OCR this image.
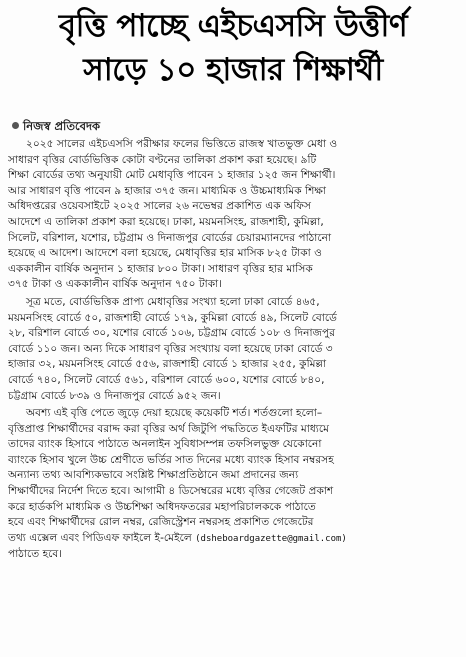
বৃত্তি পাচ্ছে এইচএসসি উত্তীর্ণ
সাড়ে ১০ হাজার শিক্ষার্থী
নিজস্ব প্রতিবেদক
২০২৫ সালের এইচএসসি পরীক্ষার ফলের ভিত্তিতে রাজস্ব খাতভুক্ত মেধা ও
সাধারণ বৃত্তির বোর্ডভিত্তিক কোটা বণ্টনের তালিকা প্রকাশ করা হয়েছে। ৯টি
শিক্ষা বোর্ডের তথ্য অনুযায়ী মোট মেধাবৃত্তি পাবেন ১ হাজার ১২৫ জন শিক্ষার্থী।
আর সাধারণ বৃত্তি পাবেন ৯ হাজার ৩৭৫ জন। মাধ্যমিক ও উচ্চমাধ্যমিক শিক্ষা
অধিদপ্তরের ওয়েবসাইটে ২০২৫ সালের ২৬ নভেম্বর প্রকাশিত এক অফিস
আদেশে এ তালিকা প্রকাশ করা হয়েছে। ঢাকা, ময়মনসিংহ, রাজশাহী, কুমিল্লা,
সিলেট, বরিশাল, যশোর, চট্টগ্রাম ও দিনাজপুর বোর্ডের চেয়ারম্যানদের পাঠানো
হয়েছে এ আদেশ। আদেশে বলা হয়েছে, মেধাবৃত্তির হার মাসিক ৮২৫ টাকা ও
এককালীন বার্ষিক অনুদান ১ হাজার ৮০০ টাকা। সাধারণ বৃত্তির হার মাসিক
৩৭৫ টাকা ও এককালীন বার্ষিক অনুদান ৭৫০ টাকা।
সূত্র মতে, বোর্ডভিত্তিক প্রাপ্য মেধাবৃত্তির সংখ্যা হলো ঢাকা বোর্ডে ৪৬৫,
ময়মনসিংহ বোর্ডে ৫০, রাজশাহী বোর্ডে ১৭৯, কুমিল্লা বোর্ডে ৪৯, সিলেট বোর্ডে
২৮, বরিশাল বোর্ডে ৩০, যশোর বোর্ডে ১০৬, চট্টগ্রাম বোর্ডে ১০৮ ও দিনাজপুর
বোর্ডে ১১০ জন। অন্য দিকে সাধারণ বৃত্তির সংখ্যায় বলা হয়েছে ঢাকা বোর্ডে ৩
হাজার ৩২, ময়মনসিংহ বোর্ডে ৫৫৬, রাজশাহী বোর্ডে ১ হাজার ২৫৫, কুমিল্লা
বোর্ডে ৭৪০, সিলেট বোর্ডে ৫৬১, বরিশাল বোর্ডে ৬০০, যশোর বোর্ডে ৮৪০,
চট্টগ্রাম বোর্ডে ৮৩৯ ও দিনাজপুর বোর্ডে ৯৫২ জন।
অবশ্য এই বৃত্তি পেতে জুড়ে দেয়া হয়েছে কয়েকটি শর্ত। শর্তগুলো হলো–
বৃত্তিপ্রাপ্ত শিক্ষার্থীদের বরাদ্দ করা বৃত্তির অর্থ জিটুপি পদ্ধতিতে ইএফটির মাধ্যমে
তাদের ব্যাংক হিসাবে পাঠাতে অনলাইন সুবিধাসম্পন্ন তফসিলভুক্ত যেকোনো
ব্যাংকে হিসাব খুলে উচ্চ শ্রেণীতে ভর্তির সাত দিনের মধ্যে ব্যাংক হিসাব নম্বরসহ
অন্যান্য তথ্য আবশ্যিকভাবে সংশ্লিষ্ট শিক্ষাপ্রতিষ্ঠানে জমা প্রদানের জন্য
শিক্ষার্থীদের নির্দেশ দিতে হবে। আগামী ৪ ডিসেম্বরের মধ্যে বৃত্তির গেজেট প্রকাশ
করে হার্ডকপি মাধ্যমিক ও উচ্চশিক্ষা অধিদফতরের মহাপরিচালককে পাঠাতে
হবে এবং শিক্ষার্থীদের রোল নম্বর, রেজিস্ট্রেশন নম্বরসহ প্রকাশিত গেজেটের
তথ্য এক্সেল এবং পিডিএফ ফাইলে ই-মেইলে (dsheboardgazette@gmail.com)
পাঠাতে হবে।
